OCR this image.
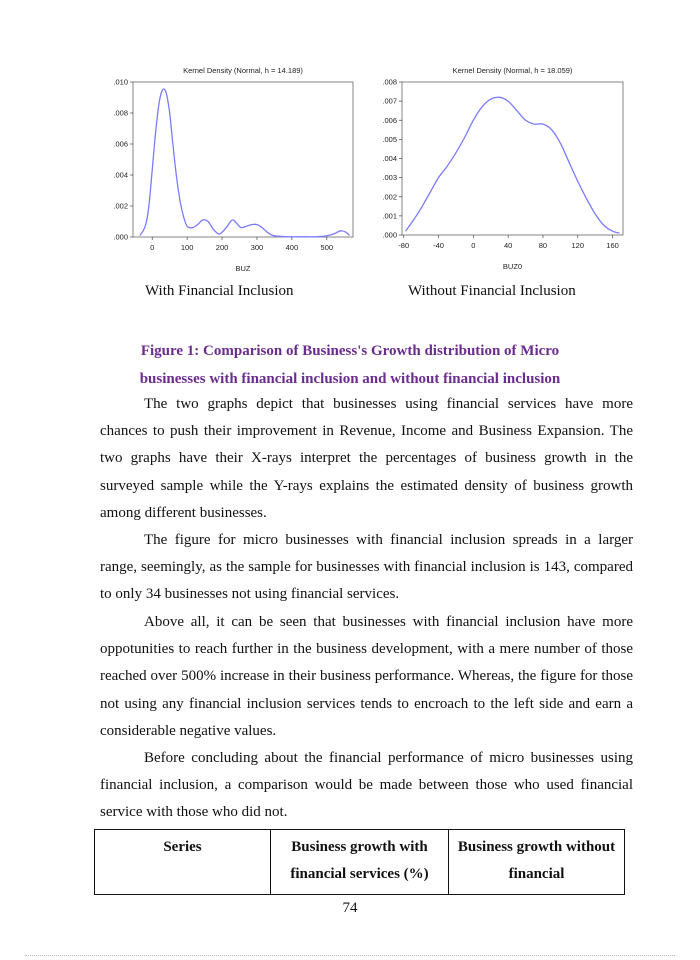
Kernel Density (Normal, h = 14.189)
.000
.002
.004
.006
.008
.010
0	100	200	300	400	500
BUZ
Kernel Density (Normal, h = 18.059)
.000
.001
.002
.003
.004
.005
.006
.007
.008
-80	-40	0	40	80	120	160
BUZ0
With Financial Inclusion	Without Financial Inclusion
Figure 1: Comparison of Business's Growth distribution of Micro
businesses with financial inclusion and without financial inclusion

The two graphs depict that businesses using financial services have more chances to push their improvement in Revenue, Income and Business Expansion. The two graphs have their X-rays interpret the percentages of business growth in the surveyed sample while the Y-rays explains the estimated density of business growth among different businesses.

The figure for micro businesses with financial inclusion spreads in a larger range, seemingly, as the sample for businesses with financial inclusion is 143, compared to only 34 businesses not using financial services.

Above all, it can be seen that businesses with financial inclusion have more oppotunities to reach further in the business development, with a mere number of those reached over 500% increase in their business performance. Whereas, the figure for those not using any financial inclusion services tends to encroach to the left side and earn a considerable negative values.

Before concluding about the financial performance of micro businesses using financial inclusion, a comparison would be made between those who used financial service with those who did not.

Series	Business growth with financial services (%)	Business growth without financial
74
